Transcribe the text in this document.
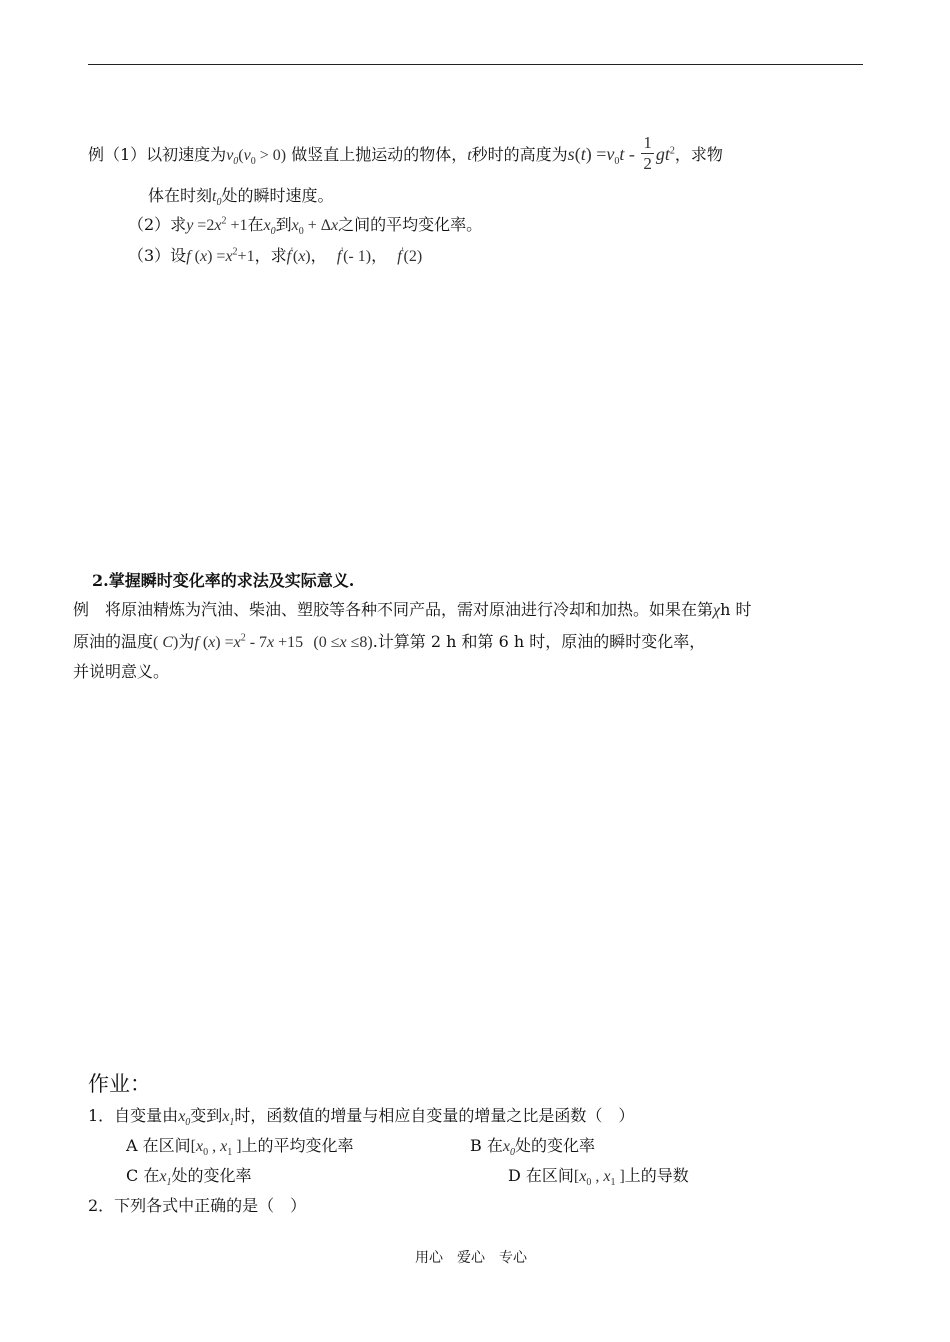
例（1）以初速度为$v_0(v_0 > 0)$ 做竖直上抛运动的物体，t秒时的高度为$s(t) =v_0t - \frac{1}{2} gt^2$，求物
体在时刻$t_0$处的瞬时速度。
（2）求$y =2x^2 +1$在$x_0$到$x_0 + \Delta x$之间的平均变化率。
（3）设f $(x) =x^2+1$，求f'(x)， f'(- 1)， f'(2)
2.掌握瞬时变化率的求法及实际意义.
例　将原油精炼为汽油、柴油、塑胶等各种不同产品，需对原油进行冷却和加热。如果在第χh 时
原油的温度( C)为f $(x) =x^2 - 7x +15$ (0 ≤x ≤8).计算第 2 h 和第 6 h 时，原油的瞬时变化率，
并说明意义。
作业：
1．自变量由$x_0$变到$x_1$时，函数值的增量与相应自变量的增量之比是函数（　）
A 在区间[$x_0$ , $x_1$ ]上的平均变化率	B 在$x_0$处的变化率
C 在$x_1$处的变化率	D 在区间[$x_0$ , $x_1$ ]上的导数
2．下列各式中正确的是（　）
用心　爱心　专心
